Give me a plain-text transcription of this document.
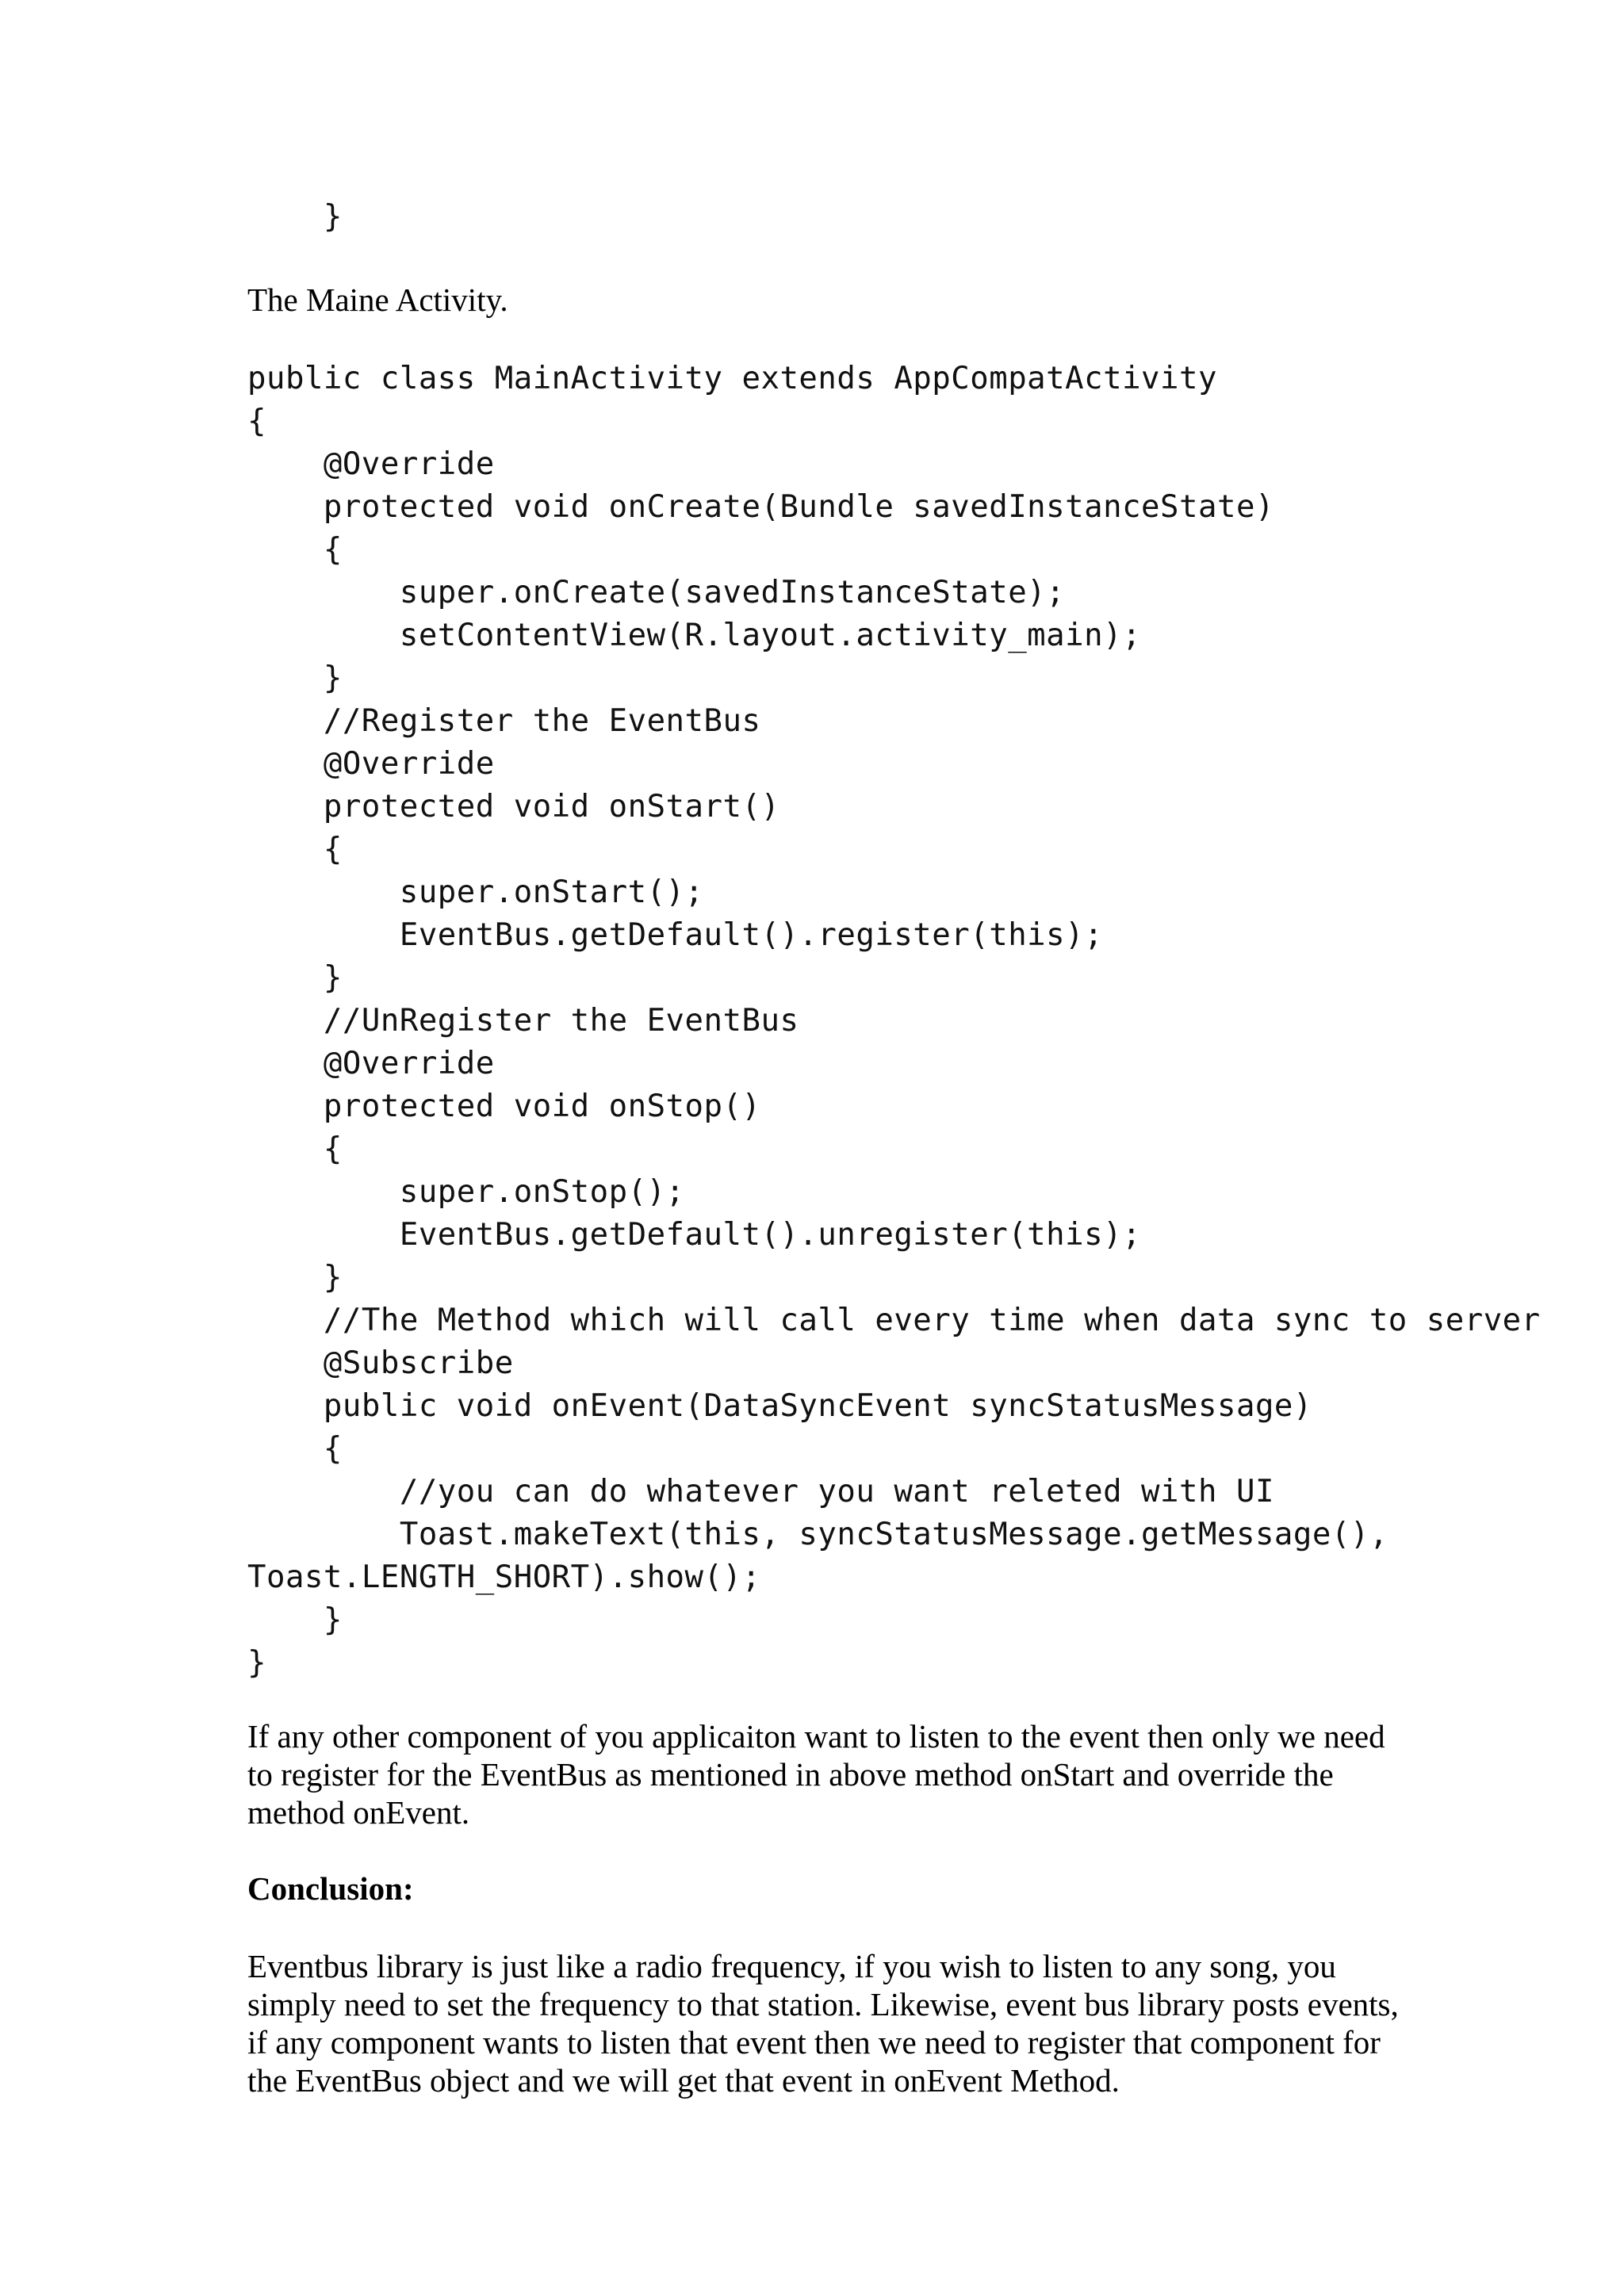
}

The Maine Activity.

public class MainActivity extends AppCompatActivity
{
@Override
protected void onCreate(Bundle savedInstanceState)
{
super.onCreate(savedInstanceState);
setContentView(R.layout.activity_main);
}
//Register the EventBus
@Override
protected void onStart()
{
super.onStart();
EventBus.getDefault().register(this);
}
//UnRegister the EventBus
@Override
protected void onStop()
{
super.onStop();
EventBus.getDefault().unregister(this);
}
//The Method which will call every time when data sync to server
@Subscribe
public void onEvent(DataSyncEvent syncStatusMessage)
{
//you can do whatever you want releted with UI
Toast.makeText(this, syncStatusMessage.getMessage(),
Toast.LENGTH_SHORT).show();
}
}

If any other component of you applicaiton want to listen to the event then only we need to register for the EventBus as mentioned in above method onStart and override the method onEvent.

Conclusion:

Eventbus library is just like a radio frequency, if you wish to listen to any song, you simply need to set the frequency to that station. Likewise, event bus library posts events, if any component wants to listen that event then we need to register that component for the EventBus object and we will get that event in onEvent Method.
